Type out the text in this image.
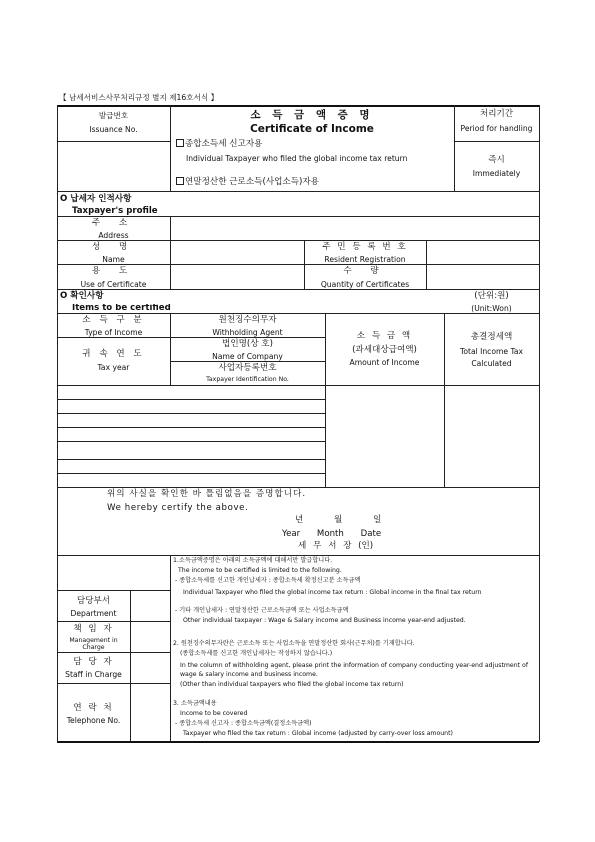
【 남세서비스사무처리규정 별지 제16호서식 】
발급번호
Issuance No.
소 득 금 액 증 명
Certificate of Income
종합소득세 신고자용
Individual Taxpayer who filed the global income tax return
연말정산한 근로소득(사업소득)자용
처리기간
Period for handling
즉시
Immediately
O 납세자 인적사항
Taxpayer's profile
주 소
Address
성 명
Name
주 민 등 록 번 호
Resident Registration
용 도
Use of Certificate
수 량
Quantity of Certificates
O 확인사항
Items to be certified
(단위:원)
(Unit:Won)
소 득 구 분
Type of Income
원천징수의무자
Withholding Agent
귀 속 연 도
Tax year
법인명(상 호)
Name of Company
사업자등록번호
Taxpayer Identification No.
소 득 금 액
(과세대상급여액)
Amount of Income
총결정세액
Total Income Tax Calculated
위의 사실을 확인한 바 틀림없음을 증명합니다.
We hereby certify the above.
년 월 일
Year Month Date
세 무 서 장 (인)
담당부서
Department
책 임 자
Management in Charge
담 당 자
Staff in Charge
연 락 처
Telephone No.
1.소득금액증명은 아래의 소득금액에 대해서만 발급합니다.
The income to be certified is limited to the following.
- 종합소득세를 신고한 개인납세자 : 종합소득세 확정신고분 소득금액
Individual Taxpayer who filed the global income tax return : Global income in the final tax return
- 기타 개인납세자 : 연말정산한 근로소득금액 또는 사업소득금액
Other individual taxpayer : Wage & Salary income and Business income year-end adjusted.
2. 원천징수의무자란은 근로소득 또는 사업소득을 연말정산한 회사(근무처)를 기재합니다.
(종합소득세를 신고한 개인납세자는 작성하지 않습니다.)
In the column of withholding agent, please print the information of company conducting year-end adjustment of wage & salary income and business income.
(Other than individual taxpayers who filed the global income tax return)
3. 소득금액내용
Income to be covered
- 종합소득세 신고자 : 종합소득금액(결정소득금액)
Taxpayer who filed the tax return : Global income (adjusted by carry-over loss amount)
